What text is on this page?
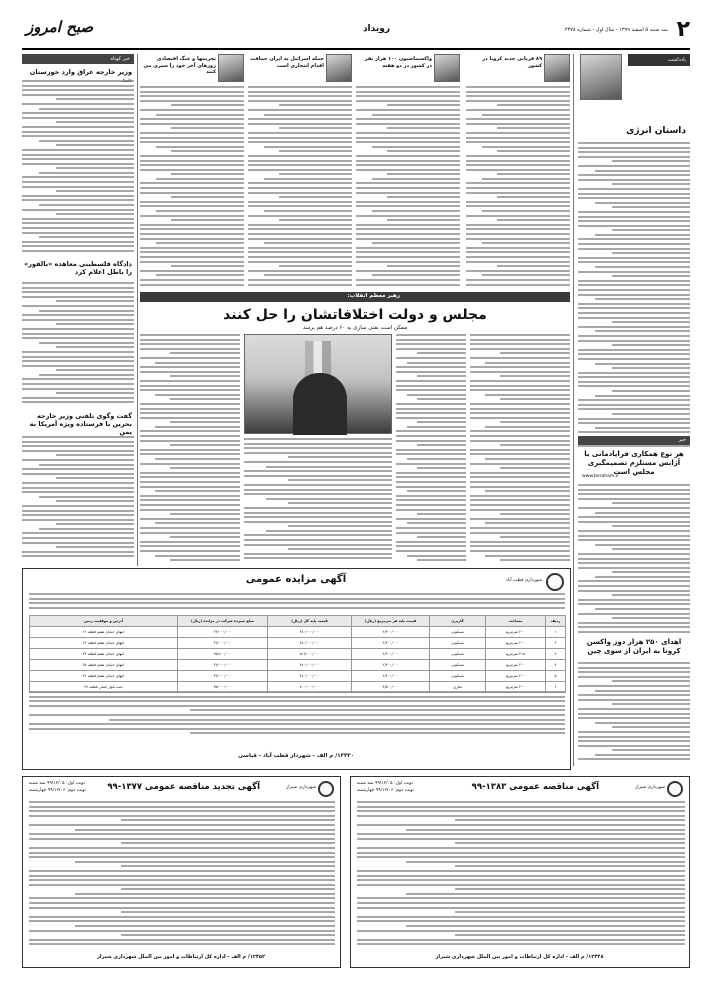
۲
سه شنبه ۵ اسفند ۱۳۹۹ - سال اول - شماره ۴۳۷۸
رویداد
صبح امروز
یادداشت
داستان انرژی
www.beraham.ir
خبر
هر نوع همکاری فراپادمانی با آژانس مستلزم تصمیمگیری مجلس است
اهدای ۲۵۰ هزار دوز واکسن کرونا به ایران از سوی چین
۸۹ قربانی جدید کرونا در کشور
واکسیناسیون ۱۰۰ هزار نفر در کشور در دو هفته
حمله اسرائیل به ایران حماقت اقدام انتحاری است
تحریمها و جنگ اقتصادی روزهای آخر خود را سپری می کنند
رهبر معظم انقلاب:
مجلس و دولت اختلافاتشان را حل کنند
ممکن است نفتی سازی به ۶۰ درصد هم برسد
خبر کوتاه
وزیر خارجه عراق وارد خوزستان
دادگاه فلسطینی معاهده «بالفور» را باطل اعلام کرد
گفت وگوی تلفنی وزیر خارجه بحرین با فرستاده ویژه آمریکا به یمن
شهرداری قطب آباد
آگهی مزایده عمومی
ردیف	مساحت	کاربری	قیمت پایه هر مترمربع (ریال)	قیمت پایه کل (ریال)	مبلغ سپرده شرکت در مزایده (ریال)	آدرس و موقعیت زمین
۱	۲۰۰ مترمربع	مسکونی	۲/۴۰۰/۰۰۰	۴۸۰/۰۰۰/۰۰۰	۲۴/۰۰۰/۰۰۰	انتهای خیابان هفتم قطعه ۱۲
۲	۲۰۰ مترمربع	مسکونی	۲/۴۰۰/۰۰۰	۴۸۰/۰۰۰/۰۰۰	۲۴/۰۰۰/۰۰۰	انتهای خیابان هفتم قطعه ۱۳
۳	۲۱۵ مترمربع	مسکونی	۲/۴۰۰/۰۰۰	۵۱۶/۰۰۰/۰۰۰	۲۵/۸۰۰/۰۰۰	انتهای خیابان هفتم قطعه ۲۴
۴	۲۰۰ مترمربع	مسکونی	۲/۴۰۰/۰۰۰	۴۸۰/۰۰۰/۰۰۰	۲۴/۰۰۰/۰۰۰	انتهای خیابان هفتم قطعه ۲۵
۵	۲۰۰ مترمربع	مسکونی	۲/۴۰۰/۰۰۰	۴۸۰/۰۰۰/۰۰۰	۲۴/۰۰۰/۰۰۰	انتهای خیابان هفتم قطعه ۲۶
۶	۲۰۰ مترمربع	تجاری	۳/۵۰۰/۰۰۰	۷۰۰/۰۰۰/۰۰۰	۳۵/۰۰۰/۰۰۰	جنب بلوار اصلی قطعه ۲۷
۱۲۴۳۰/ م الف - شهردار قطب آباد - قیاسی
شهرداری شیراز
آگهی تجدید مناقصه عمومی ۱۳۷۷-۹۹
نوبت اول: ۹۹/۱۲/۰۵ سه شنبه
نوبت دوم: ۹۹/۱۲/۰۶ چهارشنبه
۱۲۴۵۲/ م الف - اداره کل ارتباطات و امور بین الملل شهرداری شیراز
شهرداری شیراز
آگهی مناقصه عمومی ۱۳۸۳-۹۹
نوبت اول: ۹۹/۱۲/۰۵ سه شنبه
نوبت دوم: ۹۹/۱۲/۰۶ چهارشنبه
۱۲۴۴۸/ م الف - اداره کل ارتباطات و امور بین الملل شهرداری شیراز
